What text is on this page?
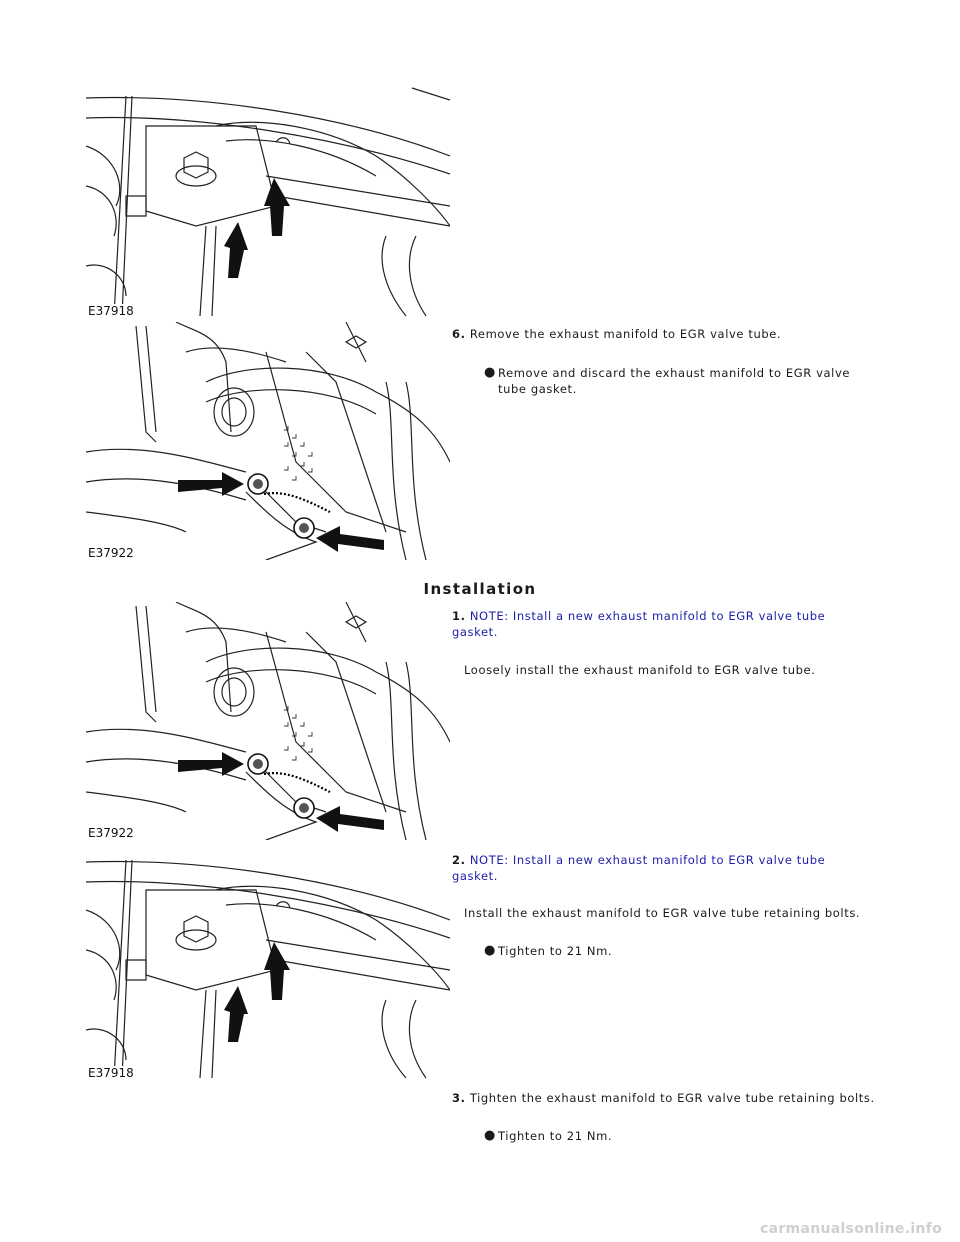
E37918
E37922
6. Remove the exhaust manifold to EGR valve tube.
● Remove and discard the exhaust manifold to EGR valve tube gasket.
Installation
E37922
1. NOTE: Install a new exhaust manifold to EGR valve tube gasket.
Loosely install the exhaust manifold to EGR valve tube.
E37918
2. NOTE: Install a new exhaust manifold to EGR valve tube gasket.
Install the exhaust manifold to EGR valve tube retaining bolts.
● Tighten to 21 Nm.
3. Tighten the exhaust manifold to EGR valve tube retaining bolts.
● Tighten to 21 Nm.
carmanualsonline.info
